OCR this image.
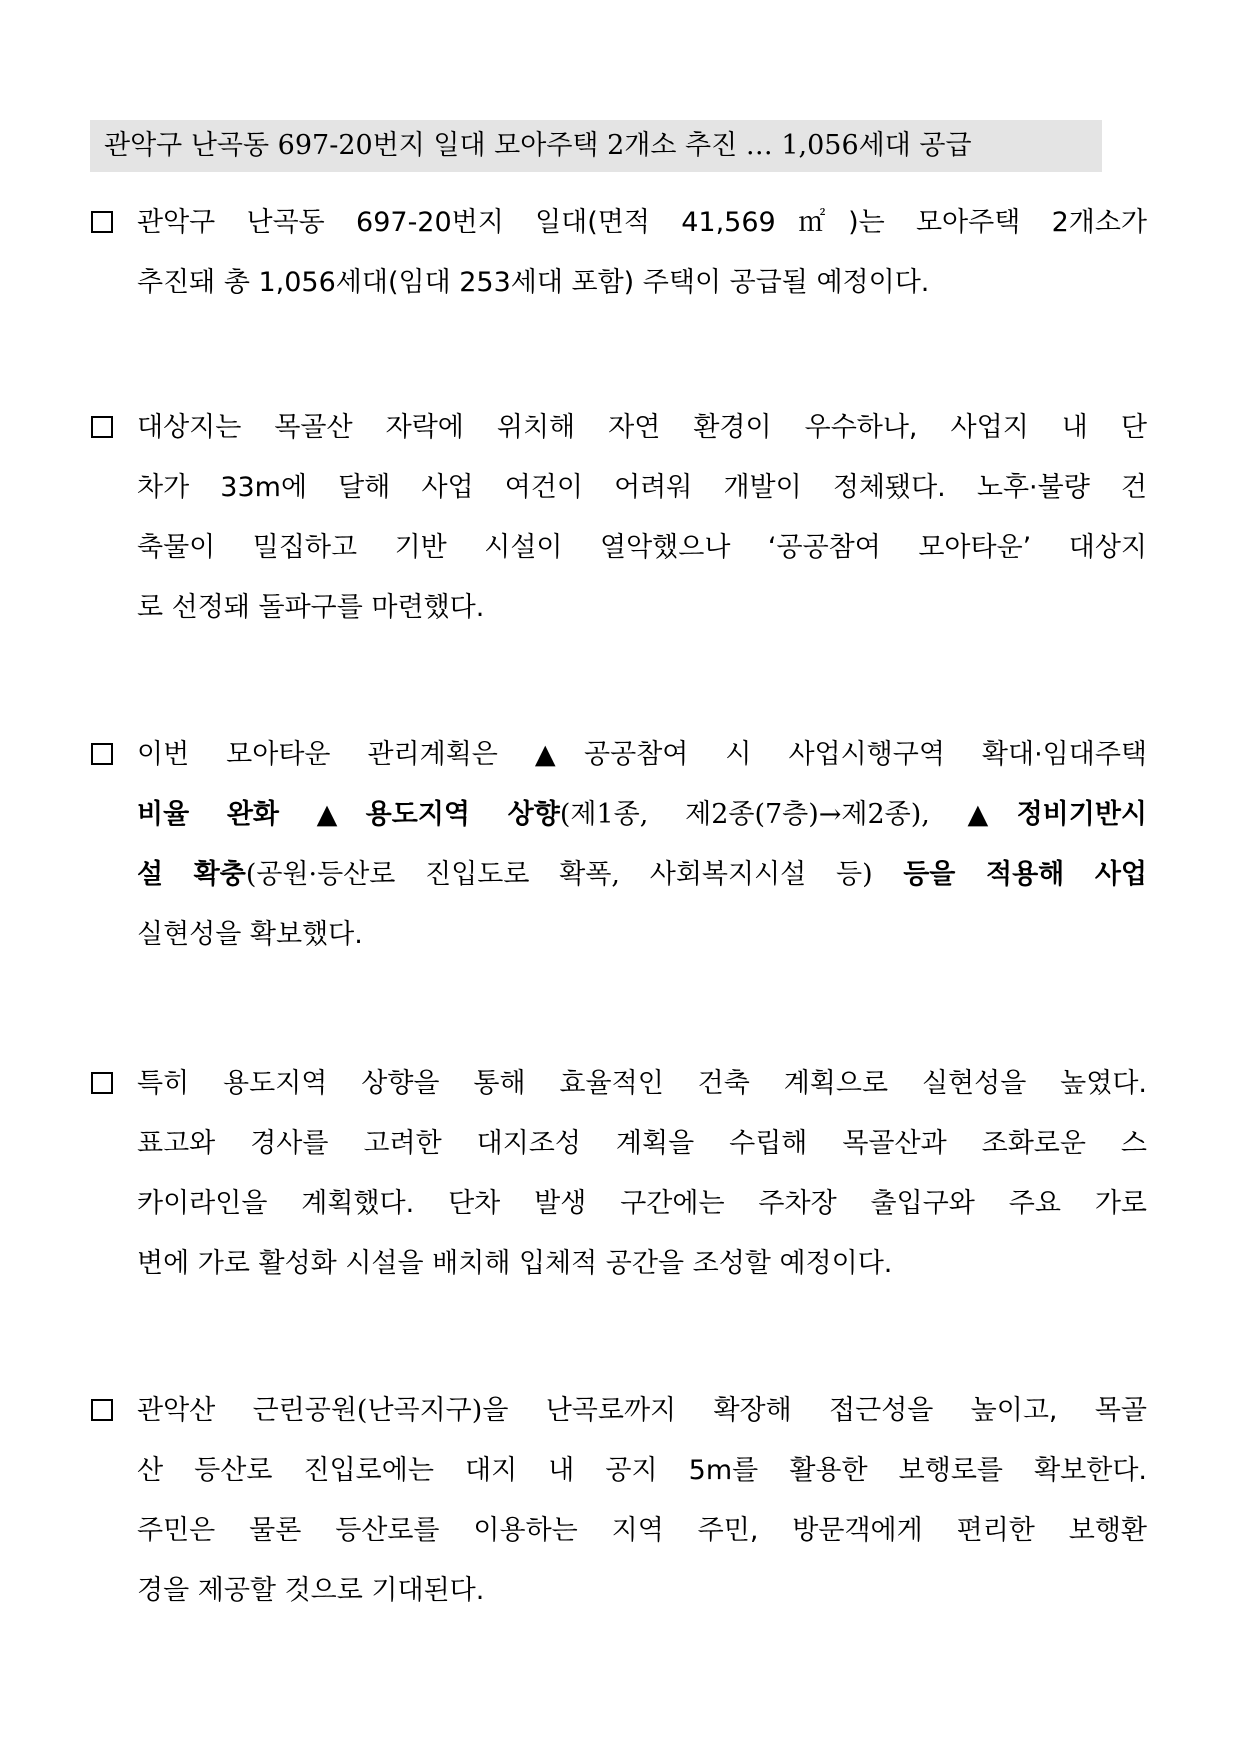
관악구 난곡동 697-20번지 일대 모아주택 2개소 추진 … 1,056세대 공급
관악구 난곡동 697-20번지 일대(면적 41,569㎡)는 모아주택 2개소가
추진돼 총 1,056세대(임대 253세대 포함) 주택이 공급될 예정이다.
대상지는 목골산 자락에 위치해 자연 환경이 우수하나, 사업지 내 단
차가 33m에 달해 사업 여건이 어려워 개발이 정체됐다. 노후·불량 건
축물이 밀집하고 기반 시설이 열악했으나 ‘공공참여 모아타운’ 대상지
로 선정돼 돌파구를 마련했다.
이번 모아타운 관리계획은 ▲공공참여 시 사업시행구역 확대·임대주택
비율 완화 ▲용도지역 상향(제1종, 제2종(7층)→제2종), ▲정비기반시
설 확충(공원·등산로 진입도로 확폭, 사회복지시설 등) 등을 적용해 사업
실현성을 확보했다.
특히 용도지역 상향을 통해 효율적인 건축 계획으로 실현성을 높였다.
표고와 경사를 고려한 대지조성 계획을 수립해 목골산과 조화로운 스
카이라인을 계획했다. 단차 발생 구간에는 주차장 출입구와 주요 가로
변에 가로 활성화 시설을 배치해 입체적 공간을 조성할 예정이다.
관악산 근린공원(난곡지구)을 난곡로까지 확장해 접근성을 높이고, 목골
산 등산로 진입로에는 대지 내 공지 5m를 활용한 보행로를 확보한다.
주민은 물론 등산로를 이용하는 지역 주민, 방문객에게 편리한 보행환
경을 제공할 것으로 기대된다.
